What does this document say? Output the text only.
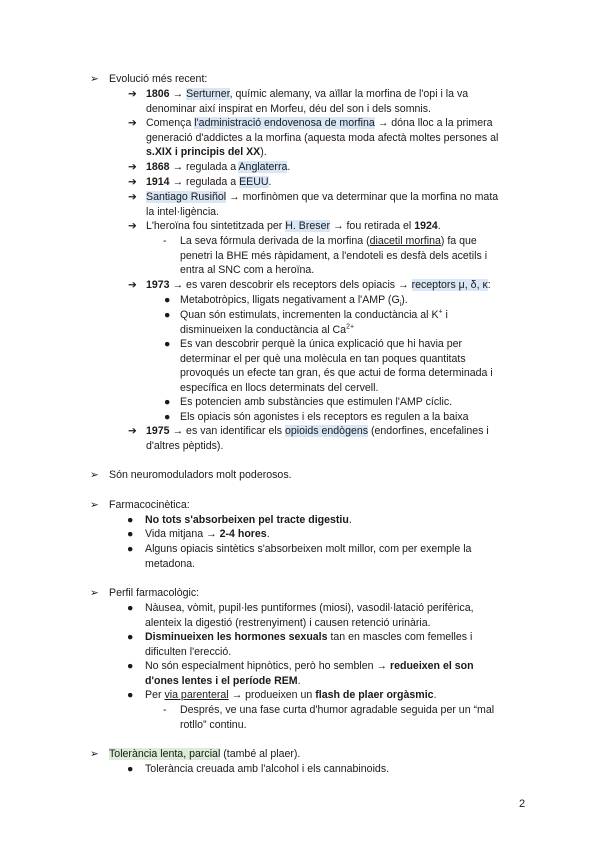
➢ Evolució més recent:
➔ 1806 → Serturner, químic alemany, va aïllar la morfina de l'opi i la va
denominar així inspirat en Morfeu, déu del son i dels somnis.
➔ Comença l'administració endovenosa de morfina → dóna lloc a la primera
generació d'addictes a la morfina (aquesta moda afectà moltes persones al
s.XIX i principis del XX).
➔ 1868 → regulada a Anglaterra.
➔ 1914 → regulada a EEUU.
➔ Santiago Rusiñol → morfinòmen que va determinar que la morfina no mata
la intel·ligència.
➔ L'heroïna fou sintetitzada per H. Breser → fou retirada el 1924.
- La seva fórmula derivada de la morfina (diacetil morfina) fa que
penetri la BHE més ràpidament, a l'endoteli es desfà dels acetils i
entra al SNC com a heroïna.
➔ 1973 → es varen descobrir els receptors dels opiacis → receptors μ, δ, κ:
● Metabotròpics, lligats negativament a l'AMP $(G_i)$.
● Quan són estimulats, incrementen la conductància al K+ i
disminueixen la conductància al $Ca^{2+}$
● Es van descobrir perquè la única explicació que hi havia per
determinar el per què una molècula en tan poques quantitats
provoqués un efecte tan gran, és que actui de forma determinada i
específica en llocs determinats del cervell.
● Es potencien amb substàncies que estimulen l'AMP cíclic.
● Els opiacis són agonistes i els receptors es regulen a la baixa
➔ 1975 → es van identificar els opioids endògens (endorfines, encefalines i
d'altres pèptids).
➢ Són neuromoduladors molt poderosos.
➢ Farmacocinètica:
● No tots s'absorbeixen pel tracte digestiu.
● Vida mitjana → 2-4 hores.
● Alguns opiacis sintètics s'absorbeixen molt millor, com per exemple la
metadona.
➢ Perfil farmacològic:
● Nàusea, vòmit, pupil·les puntiformes (miosi), vasodil·latació perifèrica,
alenteix la digestió (restrenyiment) i causen retenció urinària.
● Disminueixen les hormones sexuals tan en mascles com femelles i
dificulten l'erecció.
● No són especialment hipnòtics, però ho semblen → redueixen el son
d'ones lentes i el període REM.
● Per via parenteral → produeixen un flash de plaer orgàsmic.
- Després, ve una fase curta d'humor agradable seguida per un “mal
rotllo” continu.
➢ Tolerància lenta, parcial (també al plaer).
● Tolerància creuada amb l'alcohol i els cannabinoids.
2
